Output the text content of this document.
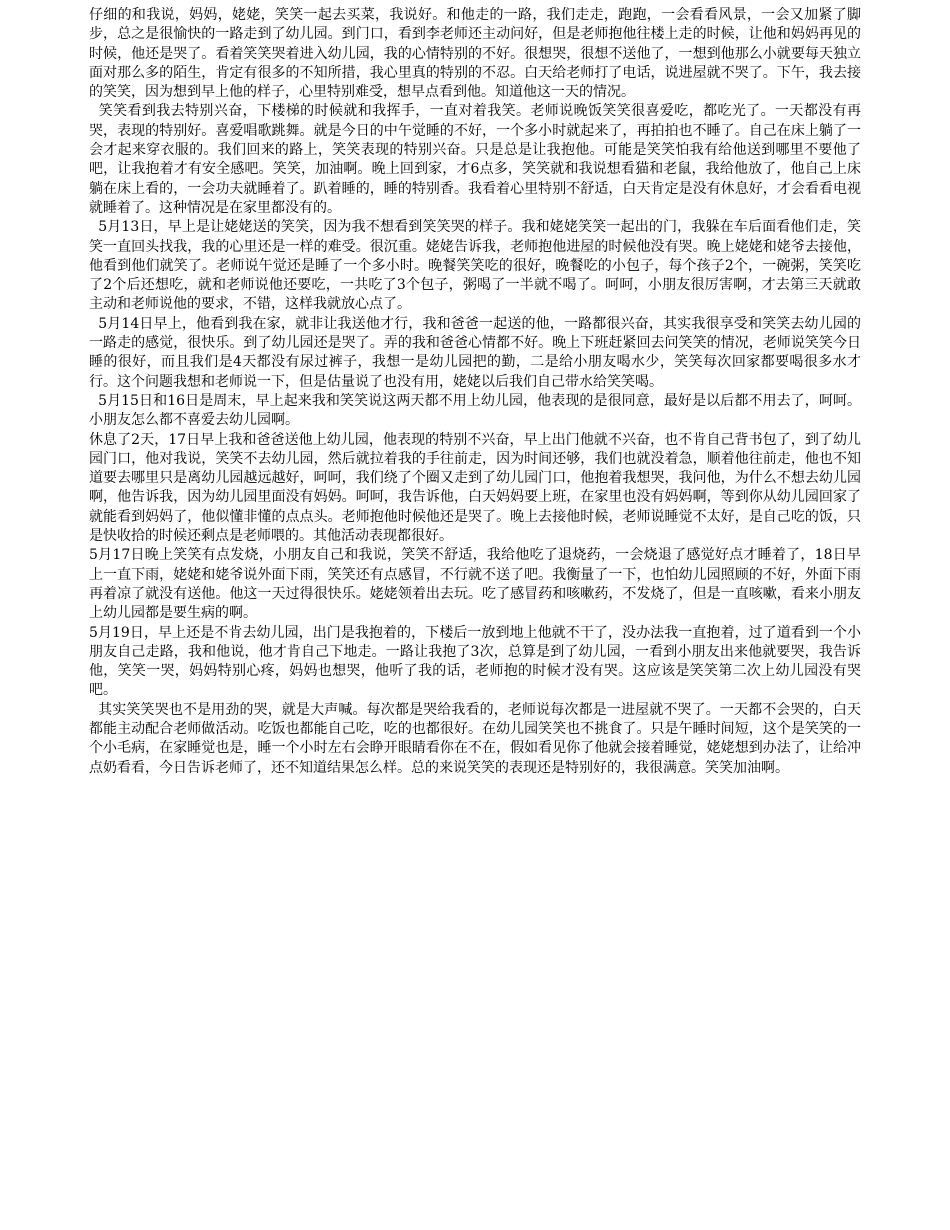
仔细的和我说，妈妈，姥姥，笑笑一起去买菜，我说好。和他走的一路，我们走走，跑跑，一会看看风景，一会又加紧了脚步，总之是很愉快的一路走到了幼儿园。到门口，看到李老师还主动问好，但是老师抱他往楼上走的时候，让他和妈妈再见的时候，他还是哭了。看着笑笑哭着进入幼儿园，我的心情特别的不好。很想哭，很想不送他了，一想到他那么小就要每天独立面对那么多的陌生，肯定有很多的不知所措，我心里真的特别的不忍。白天给老师打了电话，说进屋就不哭了。下午，我去接的笑笑，因为想到早上他的样子，心里特别难受，想早点看到他。知道他这一天的情况。

笑笑看到我去特别兴奋，下楼梯的时候就和我挥手，一直对着我笑。老师说晚饭笑笑很喜爱吃，都吃光了。一天都没有再哭，表现的特别好。喜爱唱歌跳舞。就是今日的中午觉睡的不好，一个多小时就起来了，再拍拍也不睡了。自己在床上躺了一会才起来穿衣服的。我们回来的路上，笑笑表现的特别兴奋。只是总是让我抱他。可能是笑笑怕我有给他送到哪里不要他了吧，让我抱着才有安全感吧。笑笑，加油啊。晚上回到家，才6点多，笑笑就和我说想看猫和老鼠，我给他放了，他自己上床躺在床上看的，一会功夫就睡着了。趴着睡的，睡的特别香。我看着心里特别不舒适，白天肯定是没有休息好，才会看看电视就睡着了。这种情况是在家里都没有的。

5月13日，早上是让姥姥送的笑笑，因为我不想看到笑笑哭的样子。我和姥姥笑笑一起出的门，我躲在车后面看他们走，笑笑一直回头找我，我的心里还是一样的难受。很沉重。姥姥告诉我，老师抱他进屋的时候他没有哭。晚上姥姥和姥爷去接他，他看到他们就笑了。老师说午觉还是睡了一个多小时。晚餐笑笑吃的很好，晚餐吃的小包子，每个孩子2个，一碗粥，笑笑吃了2个后还想吃，就和老师说他还要吃，一共吃了3个包子，粥喝了一半就不喝了。呵呵，小朋友很厉害啊，才去第三天就敢主动和老师说他的要求，不错，这样我就放心点了。

5月14日早上，他看到我在家，就非让我送他才行，我和爸爸一起送的他，一路都很兴奋，其实我很享受和笑笑去幼儿园的一路走的感觉，很快乐。到了幼儿园还是哭了。弄的我和爸爸心情都不好。晚上下班赶紧回去问笑笑的情况，老师说笑笑今日睡的很好，而且我们是4天都没有尿过裤子，我想一是幼儿园把的勤，二是给小朋友喝水少，笑笑每次回家都要喝很多水才行。这个问题我想和老师说一下，但是估量说了也没有用，姥姥以后我们自己带水给笑笑喝。

5月15日和16日是周末，早上起来我和笑笑说这两天都不用上幼儿园，他表现的是很同意，最好是以后都不用去了，呵呵。小朋友怎么都不喜爱去幼儿园啊。

休息了2天，17日早上我和爸爸送他上幼儿园，他表现的特别不兴奋，早上出门他就不兴奋，也不肯自己背书包了，到了幼儿园门口，他对我说，笑笑不去幼儿园，然后就拉着我的手往前走，因为时间还够，我们也就没着急，顺着他往前走，他也不知道要去哪里只是离幼儿园越远越好，呵呵，我们绕了个圈又走到了幼儿园门口，他抱着我想哭，我问他，为什么不想去幼儿园啊，他告诉我，因为幼儿园里面没有妈妈。呵呵，我告诉他，白天妈妈要上班，在家里也没有妈妈啊，等到你从幼儿园回家了就能看到妈妈了，他似懂非懂的点点头。老师抱他时候他还是哭了。晚上去接他时候，老师说睡觉不太好，是自己吃的饭，只是快收拾的时候还剩点是老师喂的。其他活动表现都很好。

5月17日晚上笑笑有点发烧，小朋友自己和我说，笑笑不舒适，我给他吃了退烧药，一会烧退了感觉好点才睡着了，18日早上一直下雨，姥姥和姥爷说外面下雨，笑笑还有点感冒，不行就不送了吧。我衡量了一下，也怕幼儿园照顾的不好，外面下雨再着凉了就没有送他。他这一天过得很快乐。姥姥领着出去玩。吃了感冒药和咳嗽药，不发烧了，但是一直咳嗽，看来小朋友上幼儿园都是要生病的啊。

5月19日，早上还是不肯去幼儿园，出门是我抱着的，下楼后一放到地上他就不干了，没办法我一直抱着，过了道看到一个小朋友自己走路，我和他说，他才肯自己下地走。一路让我抱了3次，总算是到了幼儿园，一看到小朋友出来他就要哭，我告诉他，笑笑一哭，妈妈特别心疼，妈妈也想哭，他听了我的话，老师抱的时候才没有哭。这应该是笑笑第二次上幼儿园没有哭吧。

其实笑笑哭也不是用劲的哭，就是大声喊。每次都是哭给我看的，老师说每次都是一进屋就不哭了。一天都不会哭的，白天都能主动配合老师做活动。吃饭也都能自己吃，吃的也都很好。在幼儿园笑笑也不挑食了。只是午睡时间短，这个是笑笑的一个小毛病，在家睡觉也是，睡一个小时左右会睁开眼睛看你在不在，假如看见你了他就会接着睡觉，姥姥想到办法了，让给冲点奶看看，今日告诉老师了，还不知道结果怎么样。总的来说笑笑的表现还是特别好的，我很满意。笑笑加油啊。
